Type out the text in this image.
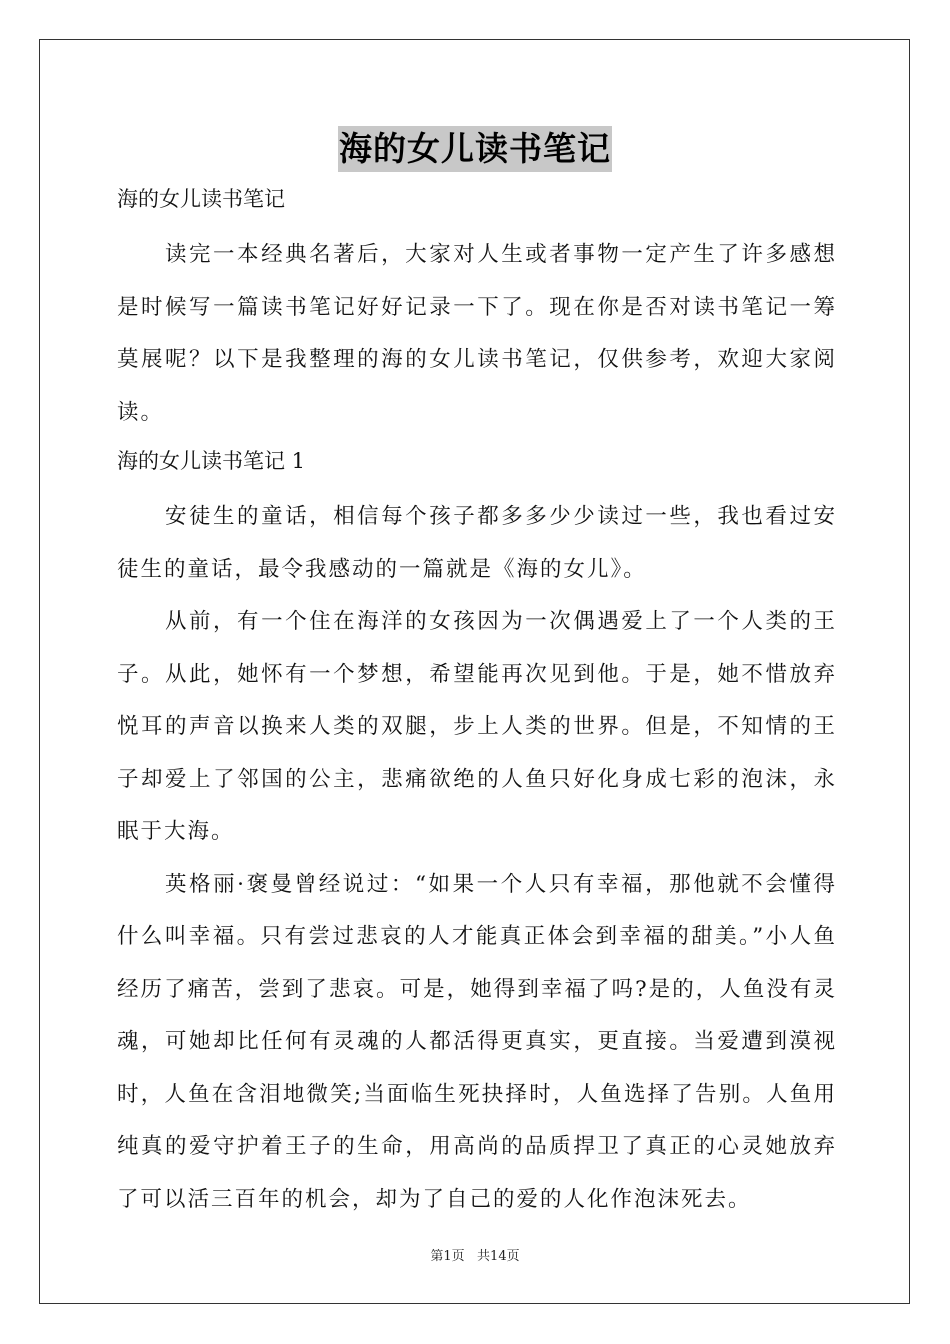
海的女儿读书笔记

海的女儿读书笔记

读完一本经典名著后，大家对人生或者事物一定产生了许多感想是时候写一篇读书笔记好好记录一下了。现在你是否对读书笔记一筹莫展呢？以下是我整理的海的女儿读书笔记，仅供参考，欢迎大家阅读。

海的女儿读书笔记 1

安徒生的童话，相信每个孩子都多多少少读过一些，我也看过安徒生的童话，最令我感动的一篇就是《海的女儿》。

从前，有一个住在海洋的女孩因为一次偶遇爱上了一个人类的王子。从此，她怀有一个梦想，希望能再次见到他。于是，她不惜放弃悦耳的声音以换来人类的双腿，步上人类的世界。但是，不知情的王子却爱上了邻国的公主，悲痛欲绝的人鱼只好化身成七彩的泡沫，永眠于大海。

英格丽·褒曼曾经说过：“如果一个人只有幸福，那他就不会懂得什么叫幸福。只有尝过悲哀的人才能真正体会到幸福的甜美。”小人鱼经历了痛苦，尝到了悲哀。可是，她得到幸福了吗?是的，人鱼没有灵魂，可她却比任何有灵魂的人都活得更真实，更直接。当爱遭到漠视时，人鱼在含泪地微笑;当面临生死抉择时，人鱼选择了告别。人鱼用纯真的爱守护着王子的生命，用高尚的品质捍卫了真正的心灵她放弃了可以活三百年的机会，却为了自己的爱的人化作泡沫死去。

第1页   共14页
